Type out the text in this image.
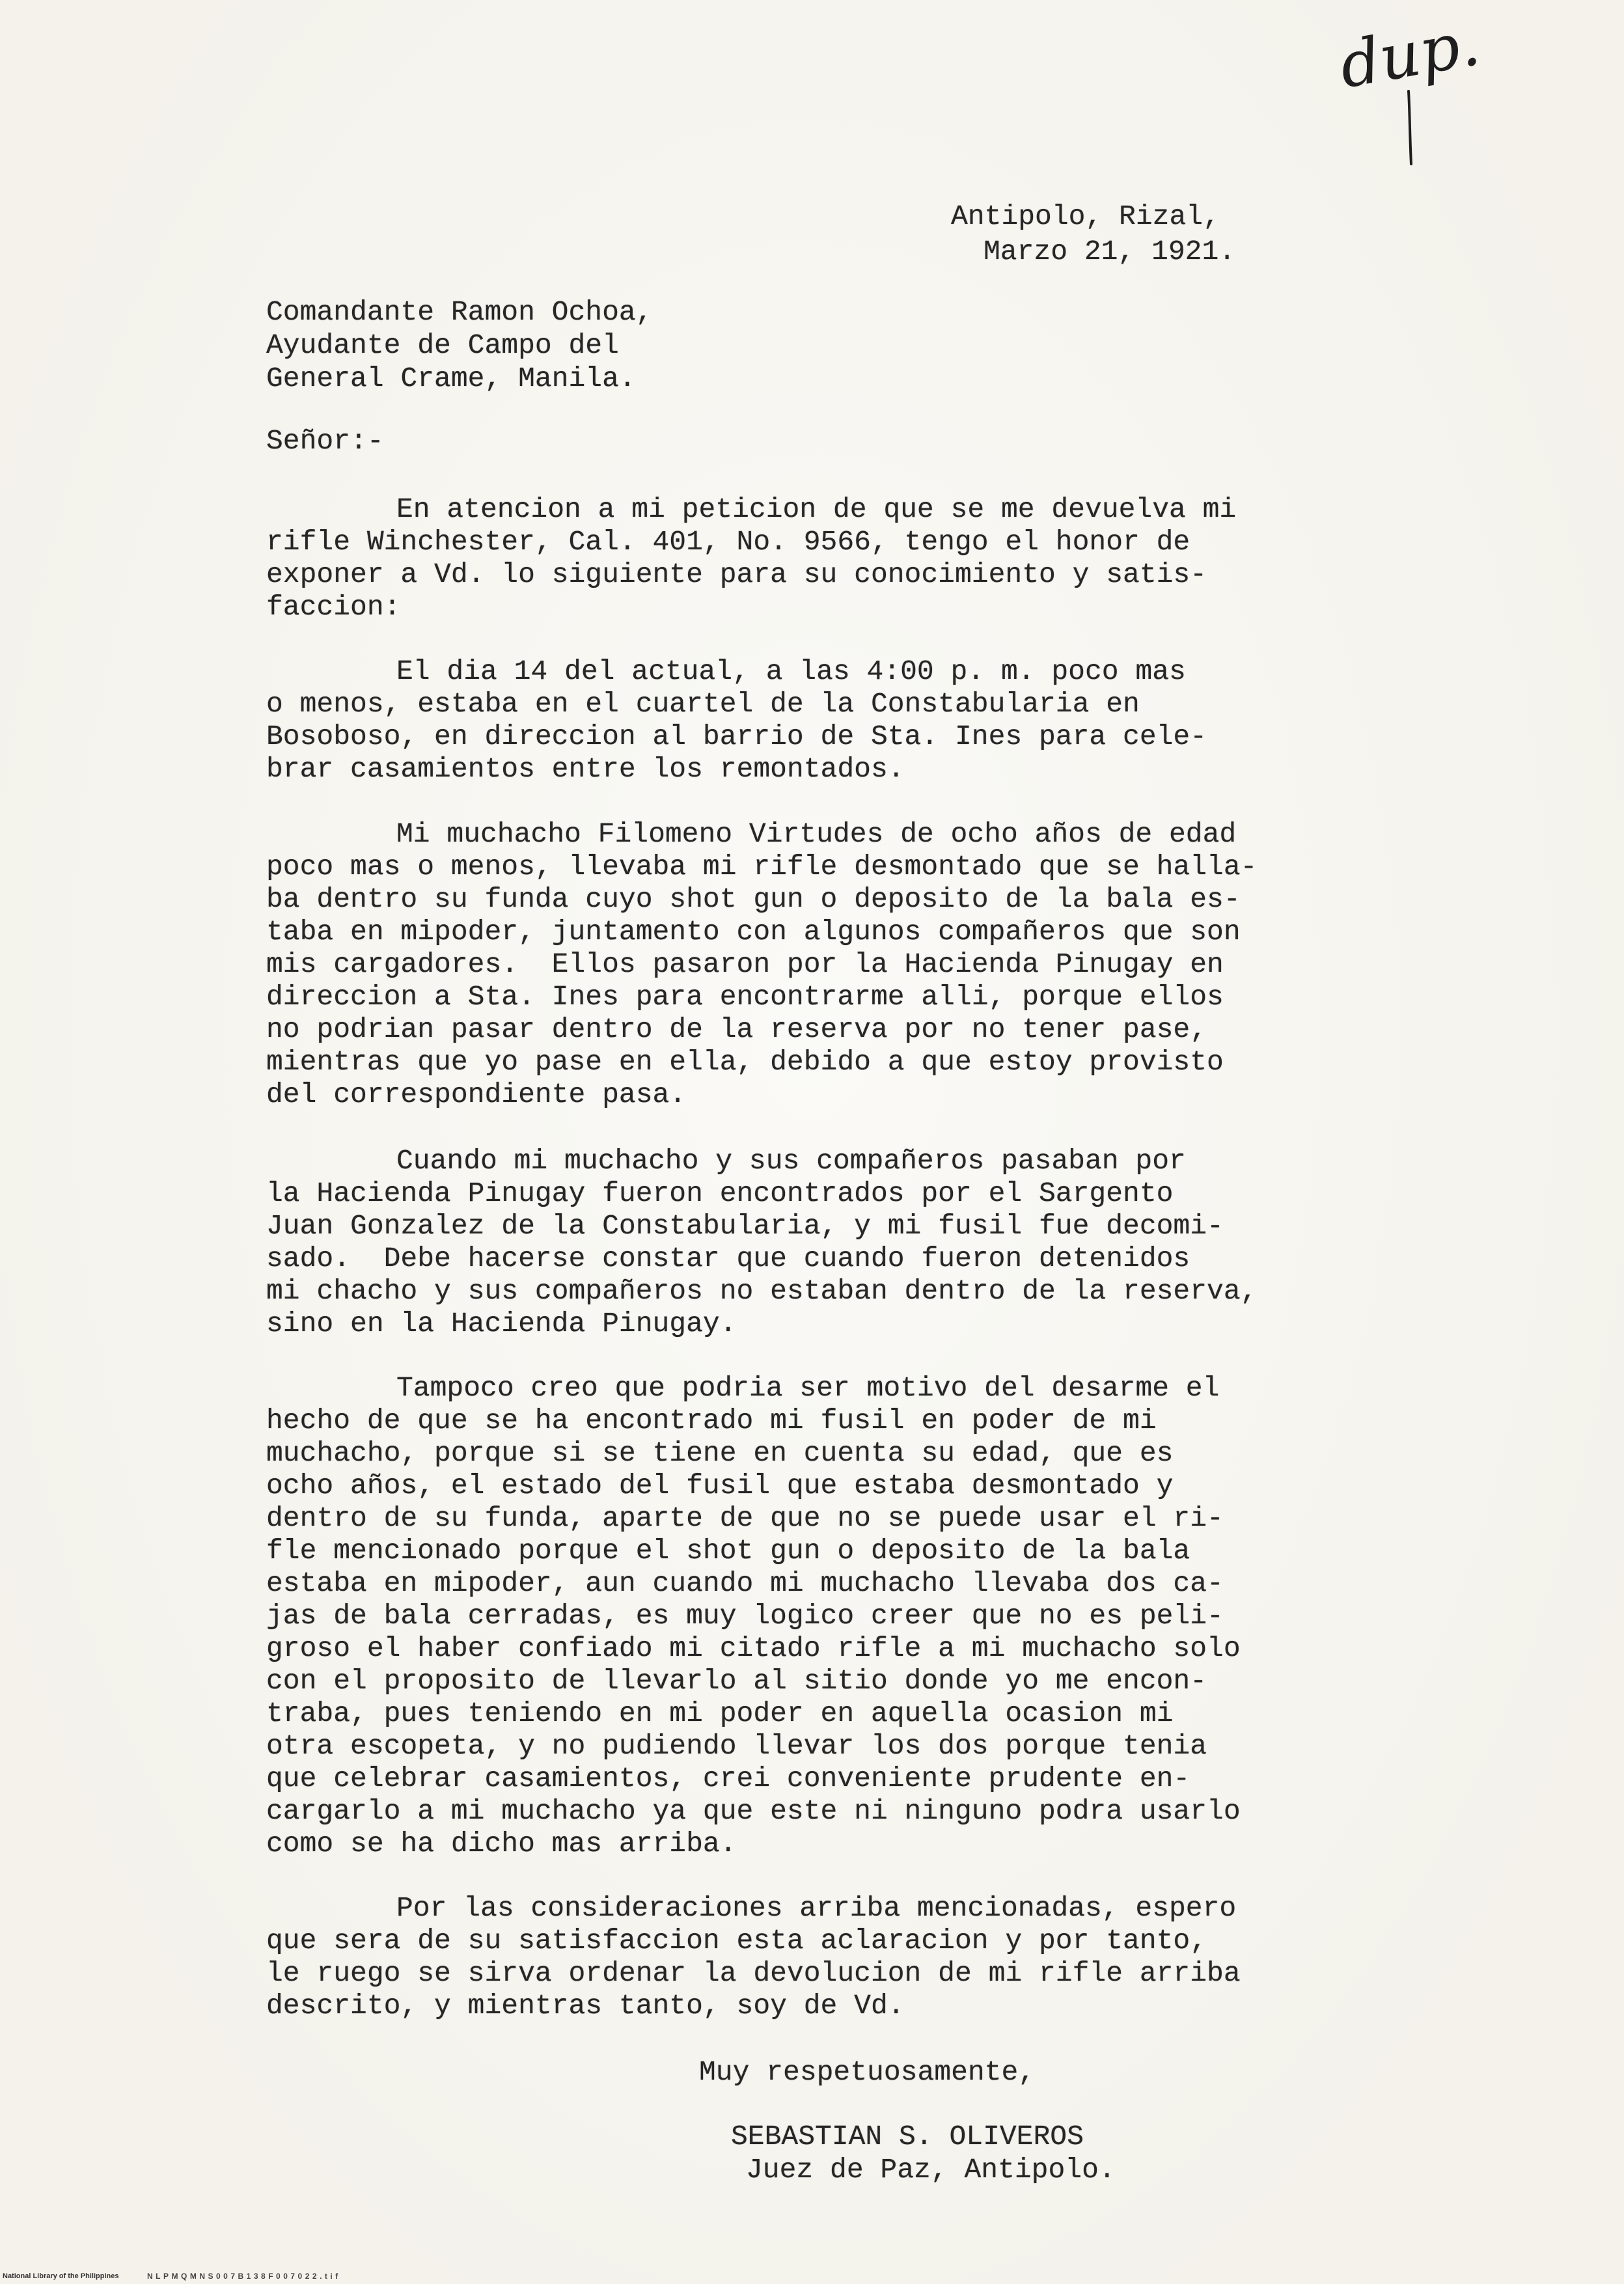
dup.
Antipolo, Rizal,
Marzo 21, 1921.
Comandante Ramon Ochoa,
Ayudante de Campo del
General Crame, Manila.
Señor:-
En atencion a mi peticion de que se me devuelva mi
rifle Winchester, Cal. 401, No. 9566, tengo el honor de
exponer a Vd. lo siguiente para su conocimiento y satis-
faccion:
El dia 14 del actual, a las 4:00 p. m. poco mas
o menos, estaba en el cuartel de la Constabularia en
Bosoboso, en direccion al barrio de Sta. Ines para cele-
brar casamientos entre los remontados.
Mi muchacho Filomeno Virtudes de ocho años de edad
poco mas o menos, llevaba mi rifle desmontado que se halla-
ba dentro su funda cuyo shot gun o deposito de la bala es-
taba en mipoder, juntamento con algunos compañeros que son
mis cargadores.  Ellos pasaron por la Hacienda Pinugay en
direccion a Sta. Ines para encontrarme alli, porque ellos
no podrian pasar dentro de la reserva por no tener pase,
mientras que yo pase en ella, debido a que estoy provisto
del correspondiente pasa.
Cuando mi muchacho y sus compañeros pasaban por
la Hacienda Pinugay fueron encontrados por el Sargento
Juan Gonzalez de la Constabularia, y mi fusil fue decomi-
sado.  Debe hacerse constar que cuando fueron detenidos
mi chacho y sus compañeros no estaban dentro de la reserva,
sino en la Hacienda Pinugay.
Tampoco creo que podria ser motivo del desarme el
hecho de que se ha encontrado mi fusil en poder de mi
muchacho, porque si se tiene en cuenta su edad, que es
ocho años, el estado del fusil que estaba desmontado y
dentro de su funda, aparte de que no se puede usar el ri-
fle mencionado porque el shot gun o deposito de la bala
estaba en mipoder, aun cuando mi muchacho llevaba dos ca-
jas de bala cerradas, es muy logico creer que no es peli-
groso el haber confiado mi citado rifle a mi muchacho solo
con el proposito de llevarlo al sitio donde yo me encon-
traba, pues teniendo en mi poder en aquella ocasion mi
otra escopeta, y no pudiendo llevar los dos porque tenia
que celebrar casamientos, crei conveniente prudente en-
cargarlo a mi muchacho ya que este ni ninguno podra usarlo
como se ha dicho mas arriba.
Por las consideraciones arriba mencionadas, espero
que sera de su satisfaccion esta aclaracion y por tanto,
le ruego se sirva ordenar la devolucion de mi rifle arriba
descrito, y mientras tanto, soy de Vd.
Muy respetuosamente,
SEBASTIAN S. OLIVEROS
Juez de Paz, Antipolo.
National Library of the Philippines	NLPMQMNS007B138F007022.tif
